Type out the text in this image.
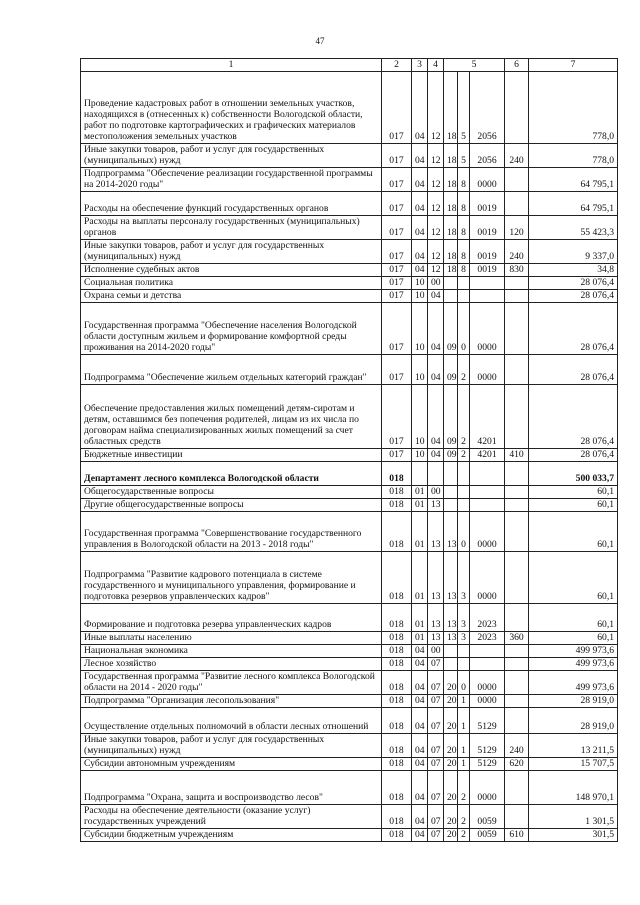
47
1	2	3	4	5			6	7
Проведение кадастровых работ в отношении земельных участков, находящихся в (отнесенных к) собственности Вологодской области, работ по подготовке картографических и графических материалов местоположения земельных участков	017	04	12	18	5	2056		778,0
Иные закупки товаров, работ и услуг для государственных (муниципальных) нужд	017	04	12	18	5	2056	240	778,0
Подпрограмма "Обеспечение реализации государственной программы на 2014-2020 годы"	017	04	12	18	8	0000		64 795,1
Расходы на обеспечение функций государственных органов	017	04	12	18	8	0019		64 795,1
Расходы на выплаты персоналу государственных (муниципальных) органов	017	04	12	18	8	0019	120	55 423,3
Иные закупки товаров, работ и услуг для государственных (муниципальных) нужд	017	04	12	18	8	0019	240	9 337,0
Исполнение судебных актов	017	04	12	18	8	0019	830	34,8
Социальная политика	017	10	00					28 076,4
Охрана семьи и детства	017	10	04					28 076,4
Государственная программа "Обеспечение населения Вологодской области доступным жильем и формирование комфортной среды проживания на 2014-2020 годы"	017	10	04	09	0	0000		28 076,4
Подпрограмма "Обеспечение жильем отдельных категорий граждан"	017	10	04	09	2	0000		28 076,4
Обеспечение предоставления жилых помещений детям-сиротам и детям, оставшимся без попечения родителей, лицам из их числа по договорам найма специализированных жилых помещений за счет областных средств	017	10	04	09	2	4201		28 076,4
Бюджетные инвестиции	017	10	04	09	2	4201	410	28 076,4
Департамент лесного комплекса Вологодской области	018							500 033,7
Общегосударственные вопросы	018	01	00					60,1
Другие общегосударственные вопросы	018	01	13					60,1
Государственная программа "Совершенствование государственного управления в Вологодской области на 2013 - 2018 годы"	018	01	13	13	0	0000		60,1
Подпрограмма "Развитие кадрового потенциала в системе государственного и муниципального управления, формирование и подготовка резервов управленческих кадров"	018	01	13	13	3	0000		60,1
Формирование и подготовка резерва управленческих кадров	018	01	13	13	3	2023		60,1
Иные выплаты населению	018	01	13	13	3	2023	360	60,1
Национальная экономика	018	04	00					499 973,6
Лесное хозяйство	018	04	07					499 973,6
Государственная программа "Развитие лесного комплекса Вологодской области на 2014 - 2020 годы"	018	04	07	20	0	0000		499 973,6
Подпрограмма "Организация лесопользования"	018	04	07	20	1	0000		28 919,0
Осуществление отдельных полномочий в области лесных отношений	018	04	07	20	1	5129		28 919,0
Иные закупки товаров, работ и услуг для государственных (муниципальных) нужд	018	04	07	20	1	5129	240	13 211,5
Субсидии автономным учреждениям	018	04	07	20	1	5129	620	15 707,5
Подпрограмма "Охрана, защита и воспроизводство лесов"	018	04	07	20	2	0000		148 970,1
Расходы на обеспечение деятельности (оказание услуг) государственных учреждений	018	04	07	20	2	0059		1 301,5
Субсидии бюджетным учреждениям	018	04	07	20	2	0059	610	301,5
